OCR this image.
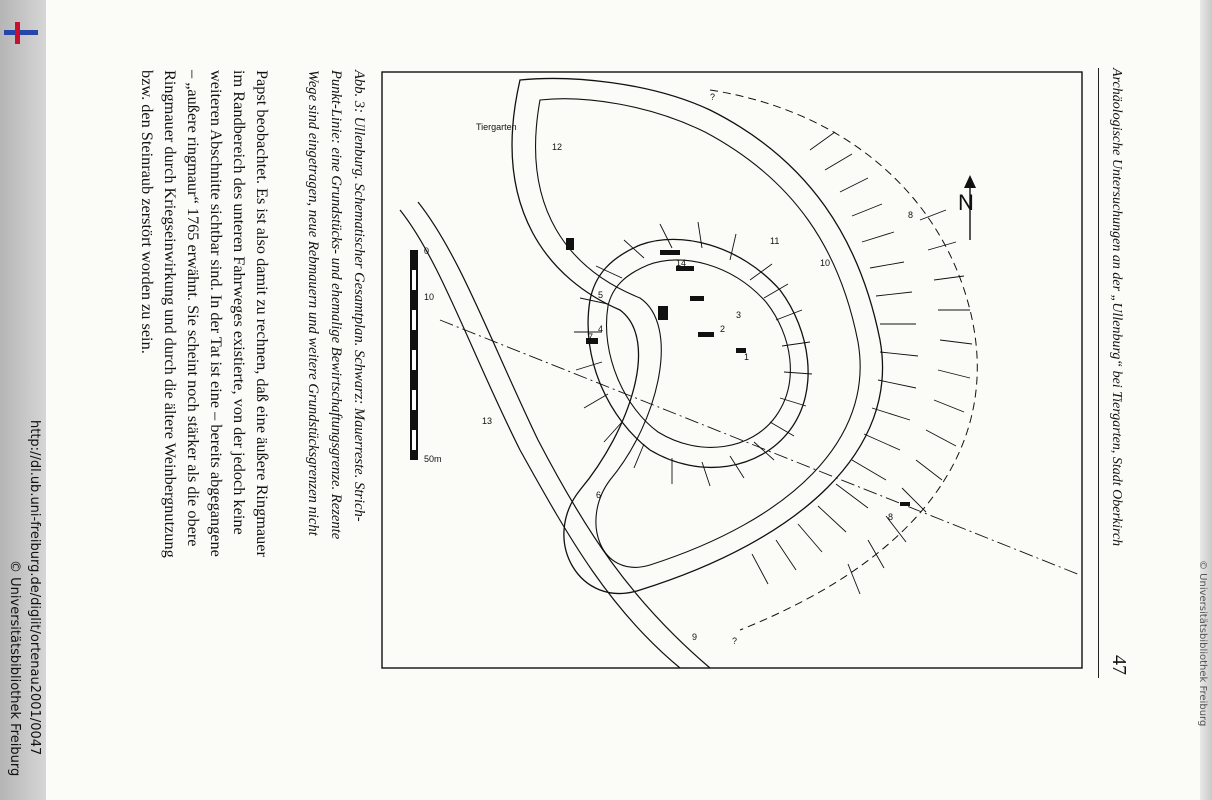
Archäologische Untersuchungen an der „Ullenburg“ bei Tiergarten, Stadt Oberkirch
47
N
0
10
50m
1
2
3
4
5
6
7
8
8
9
10
11
12
13
14
?
?
Tiergarten
Abb. 3: Ullenburg. Schematischer Gesamtplan. Schwarz: Mauerreste. Strich-
Punkt-Linie: eine Grundstücks- und ehemalige Bewirtschaftungsgrenze. Rezente
Wege sind eingetragen, neue Rebmauern und weitere Grundstücksgrenzen nicht
Papst beobachtet. Es ist also damit zu rechnen, daß eine äußere Ringmauer
im Randbereich des unteren Fahrweges existierte, von der jedoch keine
weiteren Abschnitte sichtbar sind. In der Tat ist eine – bereits abgegangene
– „außere ringmaur“ 1765 erwähnt. Sie scheint noch stärker als die obere
Ringmauer durch Kriegseinwirkung und durch die ältere Weinbergnutzung
bzw. den Steinraub zerstört worden zu sein.
http://dl.ub.uni-freiburg.de/diglit/ortenau2001/0047
© Universitätsbibliothek Freiburg	© Universitätsbibliothek Freiburg
